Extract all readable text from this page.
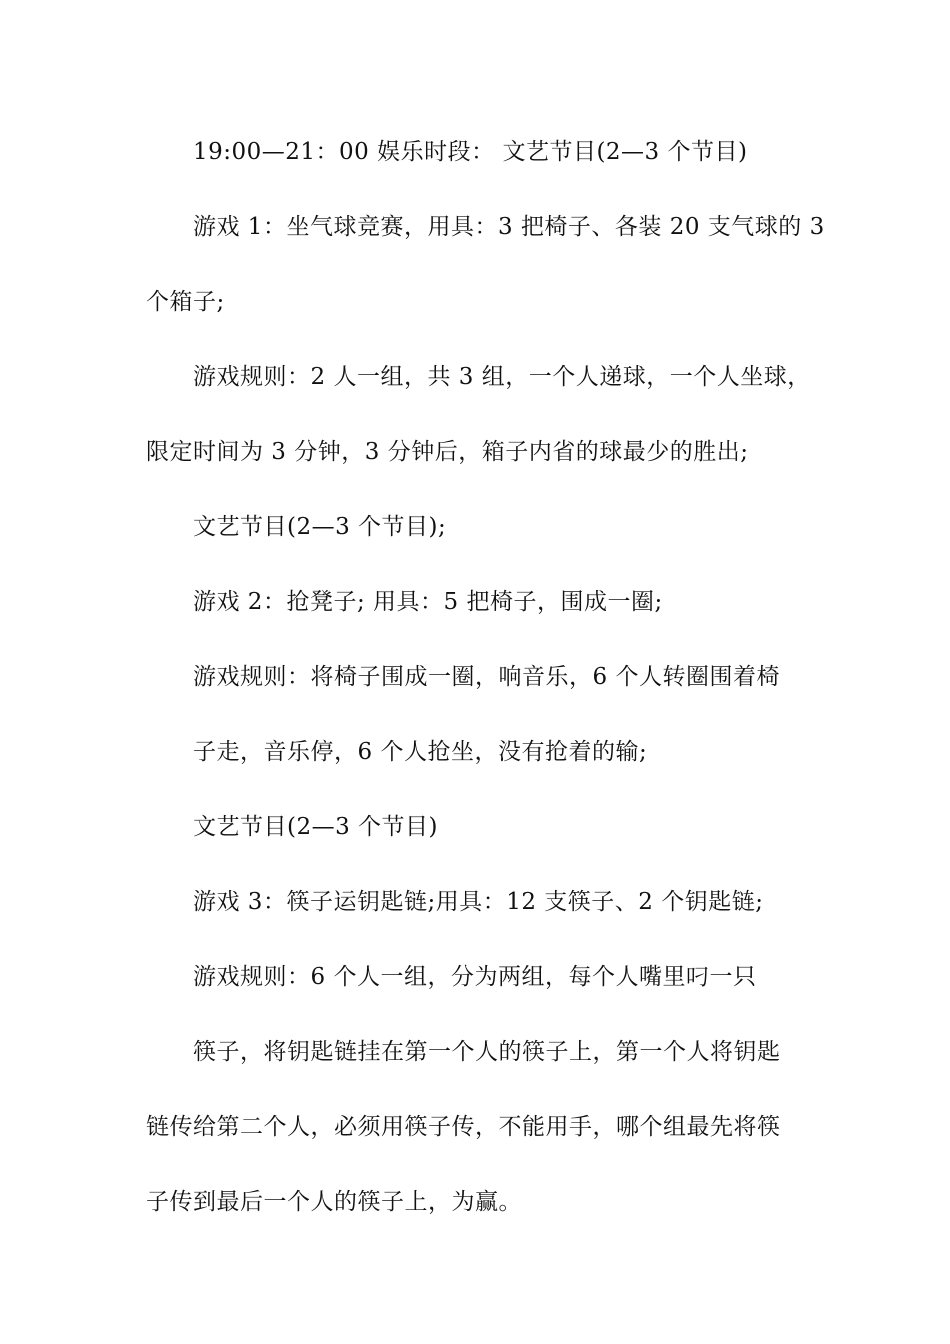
19:00—21：00 娱乐时段： 文艺节目(2—3 个节目)
游戏 1：坐气球竞赛，用具：3 把椅子、各装 20 支气球的 3
个箱子;
游戏规则：2 人一组，共 3 组，一个人递球，一个人坐球，
限定时间为 3 分钟，3 分钟后，箱子内省的球最少的胜出;
文艺节目(2—3 个节目);
游戏 2：抢凳子; 用具：5 把椅子，围成一圈;
游戏规则：将椅子围成一圈，响音乐，6 个人转圈围着椅
子走，音乐停，6 个人抢坐，没有抢着的输;
文艺节目(2—3 个节目)
游戏 3：筷子运钥匙链;用具：12 支筷子、2 个钥匙链;
游戏规则：6 个人一组，分为两组，每个人嘴里叼一只
筷子，将钥匙链挂在第一个人的筷子上，第一个人将钥匙
链传给第二个人，必须用筷子传，不能用手，哪个组最先将筷
子传到最后一个人的筷子上，为赢。
